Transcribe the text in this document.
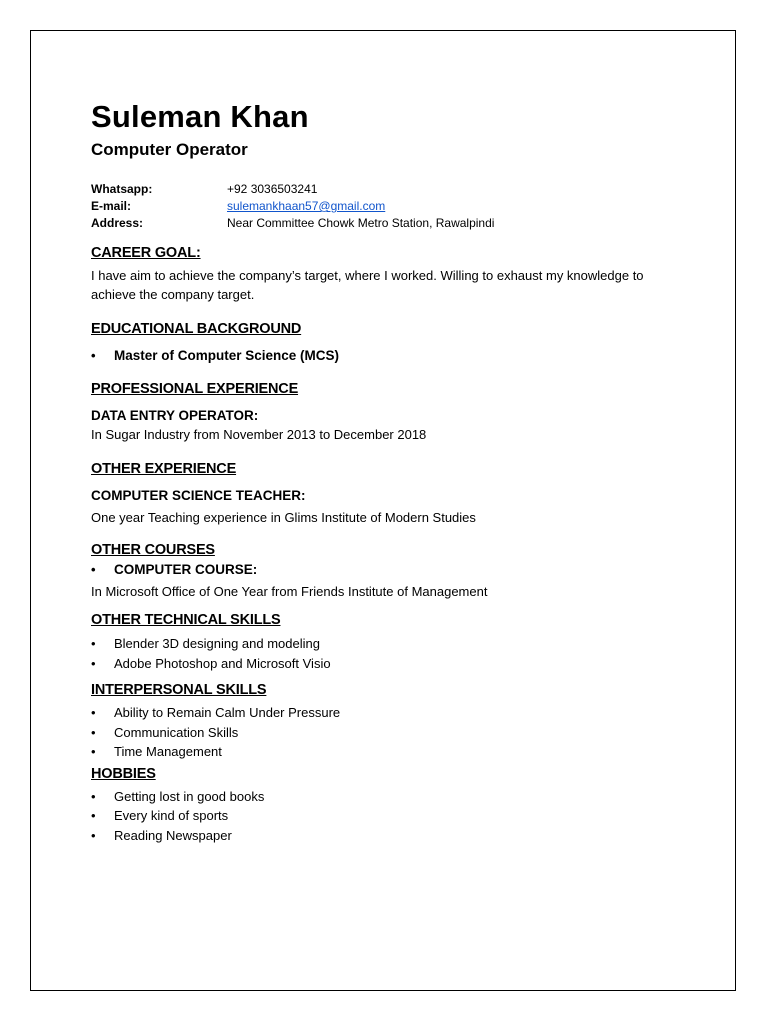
Suleman Khan
Computer Operator
Whatsapp:	+92 3036503241
E-mail:	sulemankhaan57@gmail.com
Address:	Near Committee Chowk Metro Station, Rawalpindi
CAREER GOAL:

I have aim to achieve the company’s target, where I worked. Willing to exhaust my knowledge to achieve the company target.

EDUCATIONAL BACKGROUND
• Master of Computer Science (MCS)
PROFESSIONAL EXPERIENCE

DATA ENTRY OPERATOR:

In Sugar Industry from November 2013 to December 2018

OTHER EXPERIENCE

COMPUTER SCIENCE TEACHER:

One year Teaching experience in Glims Institute of Modern Studies

OTHER COURSES
• COMPUTER COURSE:

In Microsoft Office of One Year from Friends Institute of Management

OTHER TECHNICAL SKILLS
• Blender 3D designing and modeling
• Adobe Photoshop and Microsoft Visio
INTERPERSONAL SKILLS
• Ability to Remain Calm Under Pressure
• Communication Skills
• Time Management
HOBBIES
• Getting lost in good books
• Every kind of sports
• Reading Newspaper
